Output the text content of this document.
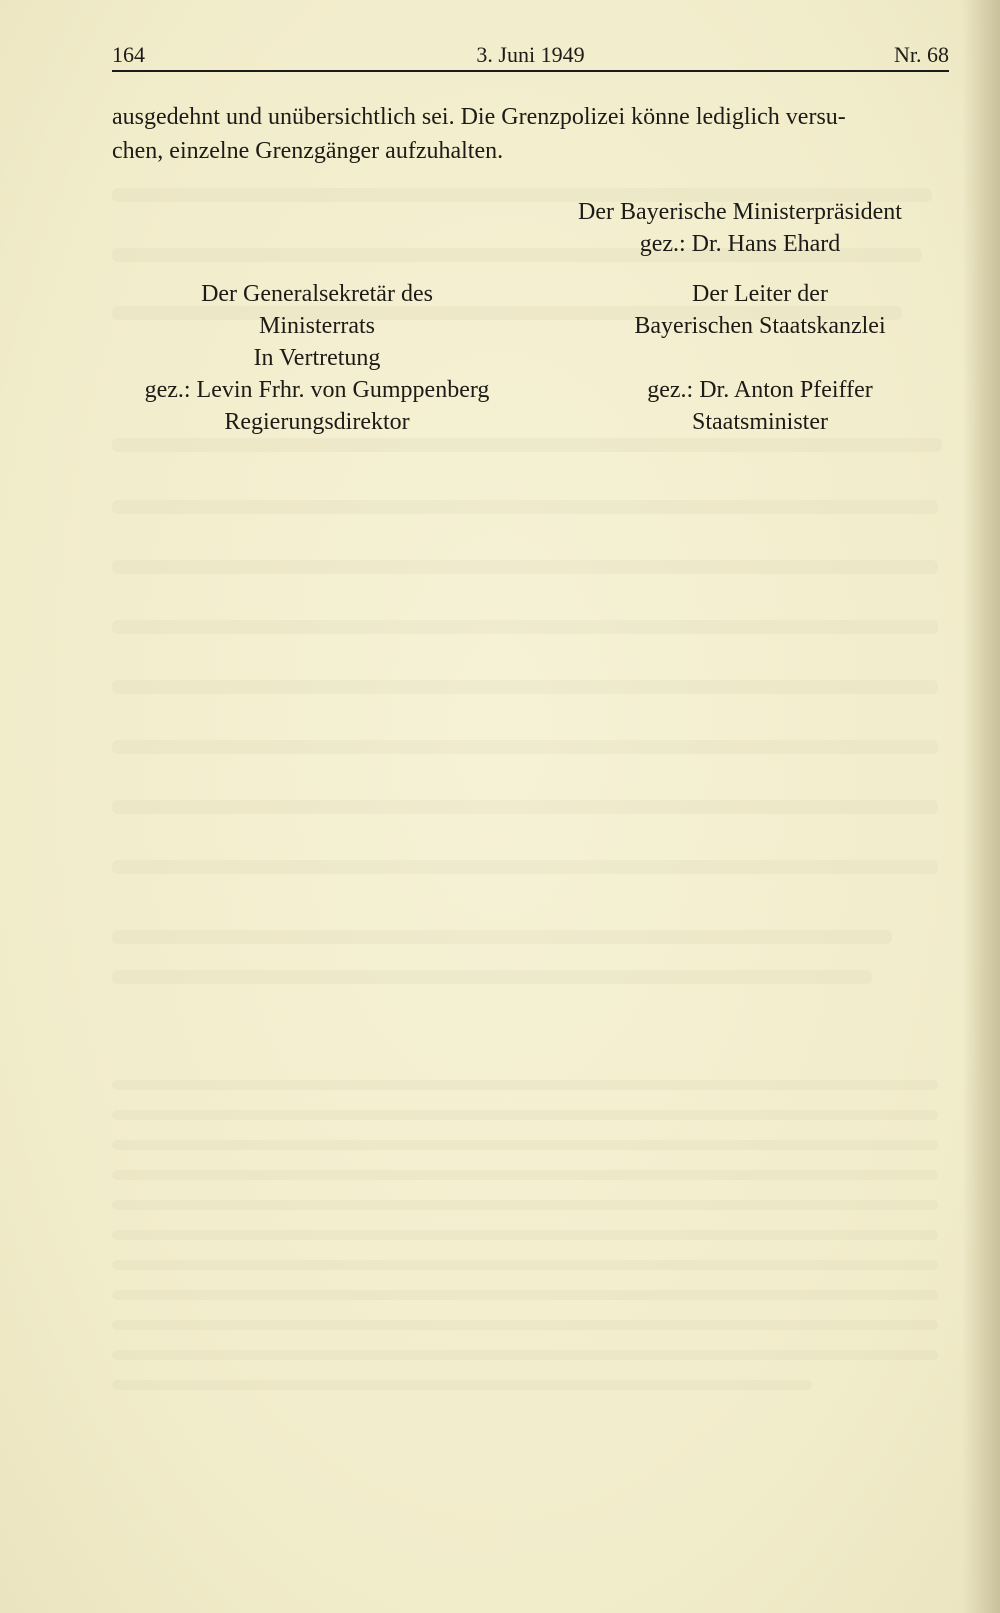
3. Juni 1949
164	Nr. 68

ausgedehnt und unübersichtlich sei. Die Grenzpolizei könne lediglich versu-

chen, einzelne Grenzgänger aufzuhalten.

Der Bayerische Ministerpräsident
gez.: Dr. Hans Ehard
Der Generalsekretär des
Ministerrats
In Vertretung
gez.: Levin Frhr. von Gumppenberg
Regierungsdirektor
Der Leiter der
Bayerischen Staatskanzlei
gez.: Dr. Anton Pfeiffer
Staatsminister
